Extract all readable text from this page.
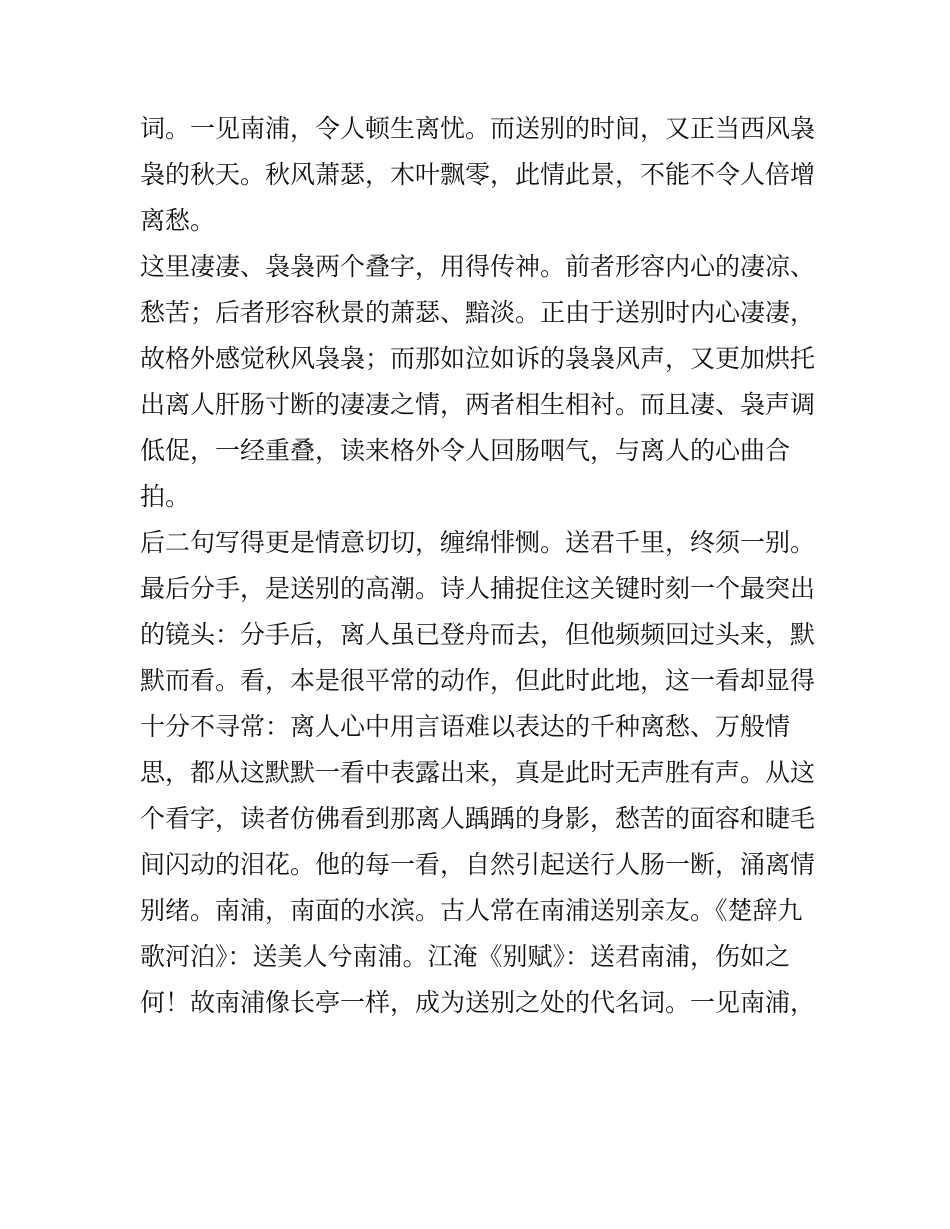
词。一见南浦，令人顿生离忧。而送别的时间，又正当西风袅
袅的秋天。秋风萧瑟，木叶飘零，此情此景，不能不令人倍增
离愁。
这里凄凄、袅袅两个叠字，用得传神。前者形容内心的凄凉、
愁苦；后者形容秋景的萧瑟、黯淡。正由于送别时内心凄凄，
故格外感觉秋风袅袅；而那如泣如诉的袅袅风声，又更加烘托
出离人肝肠寸断的凄凄之情，两者相生相衬。而且凄、袅声调
低促，一经重叠，读来格外令人回肠咽气，与离人的心曲合
拍。
后二句写得更是情意切切，缠绵悱恻。送君千里，终须一别。
最后分手，是送别的高潮。诗人捕捉住这关键时刻一个最突出
的镜头：分手后，离人虽已登舟而去，但他频频回过头来，默
默而看。看，本是很平常的动作，但此时此地，这一看却显得
十分不寻常：离人心中用言语难以表达的千种离愁、万般情
思，都从这默默一看中表露出来，真是此时无声胜有声。从这
个看字，读者仿佛看到那离人踽踽的身影，愁苦的面容和睫毛
间闪动的泪花。他的每一看，自然引起送行人肠一断，涌离情
别绪。南浦，南面的水滨。古人常在南浦送别亲友。《楚辞九
歌河泊》：送美人兮南浦。江淹《别赋》：送君南浦，伤如之
何！故南浦像长亭一样，成为送别之处的代名词。一见南浦，
